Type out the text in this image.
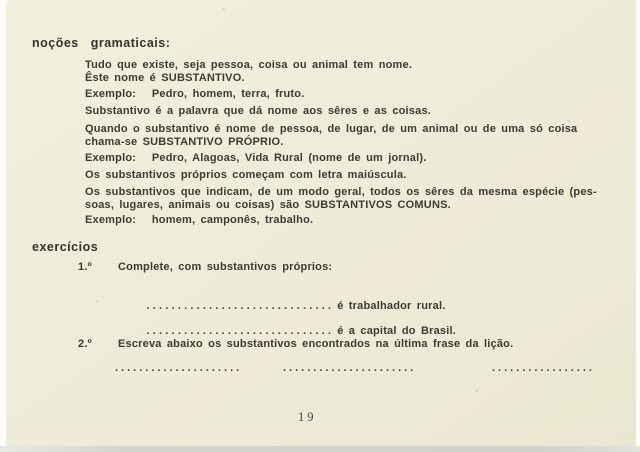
noções  gramaticais:
Tudo que existe, seja pessoa, coisa ou animal tem nome.
Êste nome é SUBSTANTIVO.
Exemplo:   Pedro, homem, terra, fruto.
Substantivo é a palavra que dá nome aos sêres e as coisas.
Quando o substantivo é nome de pessoa, de lugar, de um animal ou de uma só coisa
chama-se SUBSTANTIVO PRÓPRIO.
Exemplo:   Pedro, Alagoas, Vida Rural (nome de um jornal).
Os substantivos próprios começam com letra maiúscula.
Os substantivos que indicam, de um modo geral, todos os sêres da mesma espécie (pes-
soas, lugares, animais ou coisas) são SUBSTANTIVOS COMUNS.
Exemplo:   homem, camponês, trabalho.
exercícios
1.º Complete, com substantivos próprios:

.............................. é trabalhador rural.

.............................. é a capital do Brasil.

2.º Escreva abaixo os substantivos encontrados na última frase da lição.
.....................	......................	.................
19
